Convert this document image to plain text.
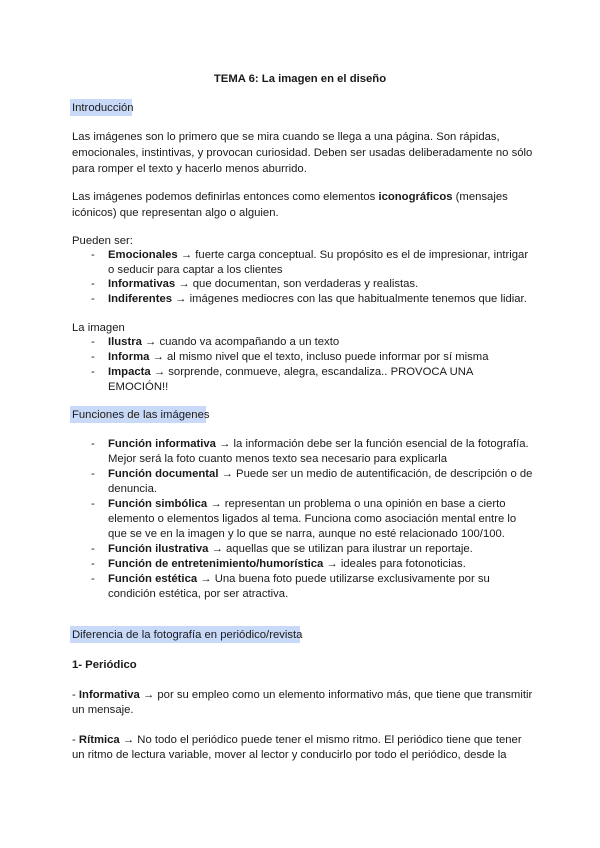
TEMA 6: La imagen en el diseño
Introducción
Las imágenes son lo primero que se mira cuando se llega a una página. Son rápidas,
emocionales, instintivas, y provocan curiosidad. Deben ser usadas deliberadamente no sólo
para romper el texto y hacerlo menos aburrido.
Las imágenes podemos definirlas entonces como elementos iconográficos (mensajes
icónicos) que representan algo o alguien.
Pueden ser:
- Emocionales → fuerte carga conceptual. Su propósito es el de impresionar, intrigar
o seducir para captar a los clientes
- Informativas → que documentan, son verdaderas y realistas.
- Indiferentes → imágenes mediocres con las que habitualmente tenemos que lidiar.
La imagen
- Ilustra → cuando va acompañando a un texto
- Informa → al mismo nivel que el texto, incluso puede informar por sí misma
- Impacta → sorprende, conmueve, alegra, escandaliza.. PROVOCA UNA
EMOCIÓN!!
Funciones de las imágenes
- Función informativa → la información debe ser la función esencial de la fotografía.
Mejor será la foto cuanto menos texto sea necesario para explicarla
- Función documental → Puede ser un medio de autentificación, de descripción o de
denuncia.
- Función simbólica → representan un problema o una opinión en base a cierto
elemento o elementos ligados al tema. Funciona como asociación mental entre lo
que se ve en la imagen y lo que se narra, aunque no esté relacionado 100/100.
- Función ilustrativa → aquellas que se utilizan para ilustrar un reportaje.
- Función de entretenimiento/humorística → ideales para fotonoticias.
- Función estética → Una buena foto puede utilizarse exclusivamente por su
condición estética, por ser atractiva.
Diferencia de la fotografía en periódico/revista
1- Periódico
- Informativa → por su empleo como un elemento informativo más, que tiene que transmitir
un mensaje.
- Rítmica → No todo el periódico puede tener el mismo ritmo. El periódico tiene que tener
un ritmo de lectura variable, mover al lector y conducirlo por todo el periódico, desde la
